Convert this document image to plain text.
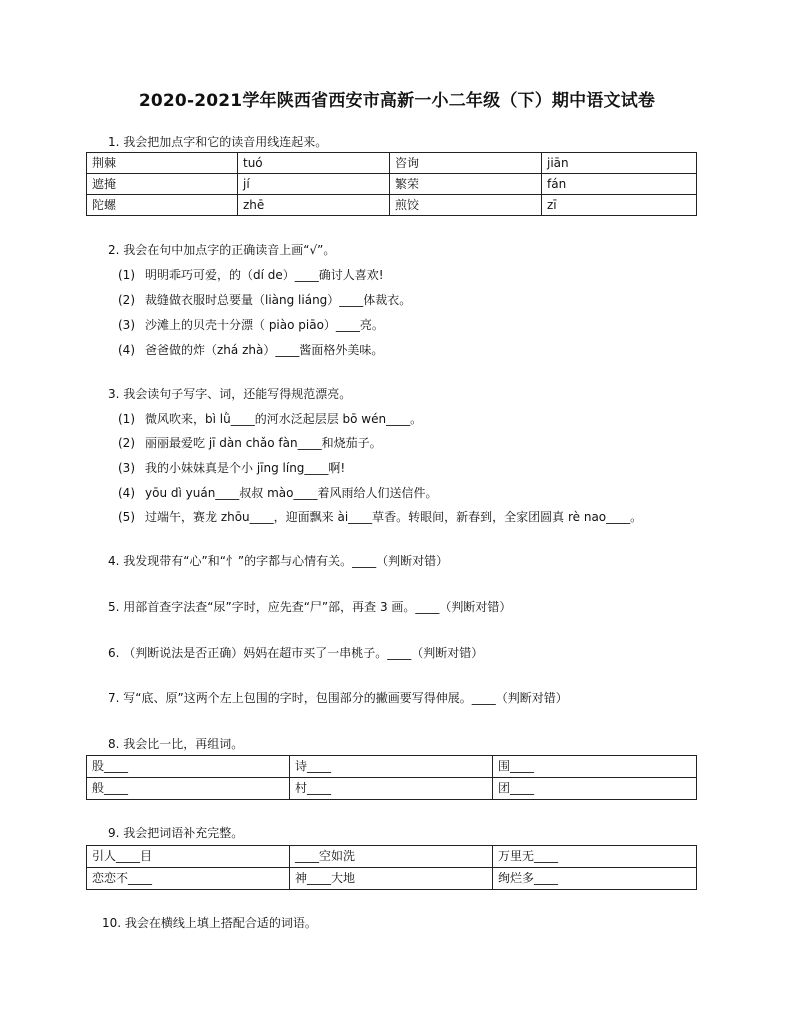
2020-2021学年陕西省西安市高新一小二年级（下）期中语文试卷
1. 我会把加点字和它的读音用线连起来。
荆棘	tuó	咨询	jiān
遮掩	jí	繁荣	fán
陀螺	zhē	煎饺	zī
2. 我会在句中加点字的正确读音上画“√”。
(1) 明明乖巧可爱，的（dí de）____确讨人喜欢!
(2) 裁缝做衣服时总要量（liàng liáng）____体裁衣。
(3) 沙滩上的贝壳十分漂（ piào piāo）____亮。
(4) 爸爸做的炸（zhá zhà）____酱面格外美味。
3. 我会读句子写字、词，还能写得规范漂亮。
(1) 微风吹来，bì lǜ____的河水泛起层层 bō wén____。
(2) 丽丽最爱吃 jī dàn chǎo fàn____和烧茄子。
(3) 我的小妹妹真是个小 jīng líng____啊!
(4) yōu dì yuán____叔叔 mào____着风雨给人们送信件。
(5) 过端午，赛龙 zhōu____，迎面飘来 ài____草香。转眼间，新春到，全家团圆真 rè nao____。
4. 我发现带有“心”和“忄”的字都与心情有关。____（判断对错）
5. 用部首查字法查“尿”字时，应先查“尸”部，再查 3 画。____（判断对错）
6. （判断说法是否正确）妈妈在超市买了一串桃子。____（判断对错）
7. 写“底、原”这两个左上包围的字时，包围部分的撇画要写得伸展。____（判断对错）
8. 我会比一比，再组词。
股____	诗____	围____
般____	村____	团____
9. 我会把词语补充完整。
引人____目	____空如洗	万里无____
恋恋不____	神____大地	绚烂多____
10. 我会在横线上填上搭配合适的词语。
